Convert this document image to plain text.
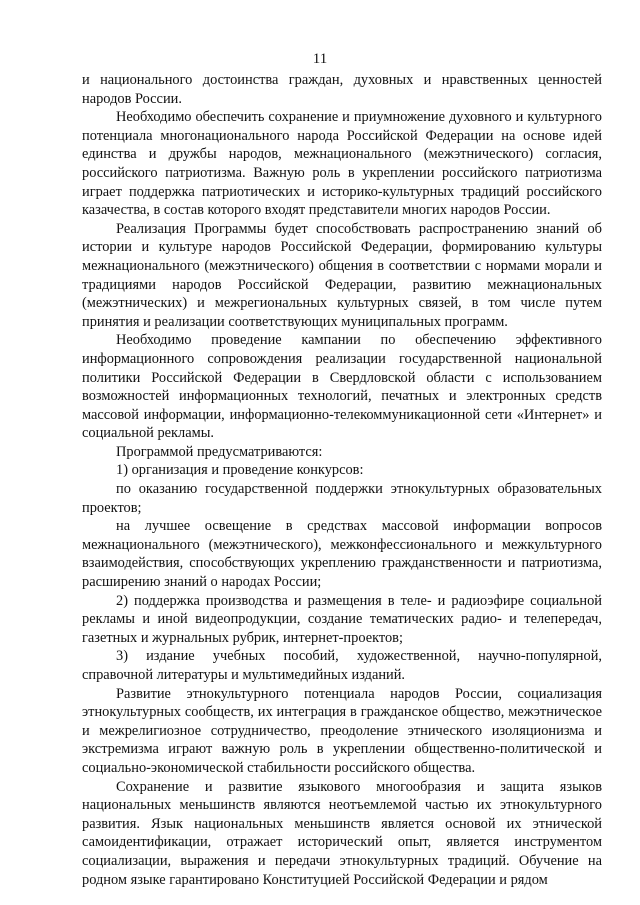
11

и национального достоинства граждан, духовных и нравственных ценностей народов России.

Необходимо обеспечить сохранение и приумножение духовного и культурного потенциала многонационального народа Российской Федерации на основе идей единства и дружбы народов, межнационального (межэтнического) согласия, российского патриотизма. Важную роль в укреплении российского патриотизма играет поддержка патриотических и историко-культурных традиций российского казачества, в состав которого входят представители многих народов России.

Реализация Программы будет способствовать распространению знаний об истории и культуре народов Российской Федерации, формированию культуры межнационального (межэтнического) общения в соответствии с нормами морали и традициями народов Российской Федерации, развитию межнациональных (межэтнических) и межрегиональных культурных связей, в том числе путем принятия и реализации соответствующих муниципальных программ.

Необходимо проведение кампании по обеспечению эффективного информационного сопровождения реализации государственной национальной политики Российской Федерации в Свердловской области с использованием возможностей информационных технологий, печатных и электронных средств массовой информации, информационно-телекоммуникационной сети «Интернет» и социальной рекламы.

Программой предусматриваются:

1) организация и проведение конкурсов:

по оказанию государственной поддержки этнокультурных образовательных проектов;

на лучшее освещение в средствах массовой информации вопросов межнационального (межэтнического), межконфессионального и межкультурного взаимодействия, способствующих укреплению гражданственности и патриотизма, расширению знаний о народах России;

2) поддержка производства и размещения в теле- и радиоэфире социальной рекламы и иной видеопродукции, создание тематических радио- и телепередач, газетных и журнальных рубрик, интернет-проектов;

3) издание учебных пособий, художественной, научно-популярной, справочной литературы и мультимедийных изданий.

Развитие этнокультурного потенциала народов России, социализация этнокультурных сообществ, их интеграция в гражданское общество, межэтническое и межрелигиозное сотрудничество, преодоление этнического изоляционизма и экстремизма играют важную роль в укреплении общественно-политической и социально-экономической стабильности российского общества.

Сохранение и развитие языкового многообразия и защита языков национальных меньшинств являются неотъемлемой частью их этнокультурного развития. Язык национальных меньшинств является основой их этнической самоидентификации, отражает исторический опыт, является инструментом социализации, выражения и передачи этнокультурных традиций. Обучение на родном языке гарантировано Конституцией Российской Федерации и рядом
